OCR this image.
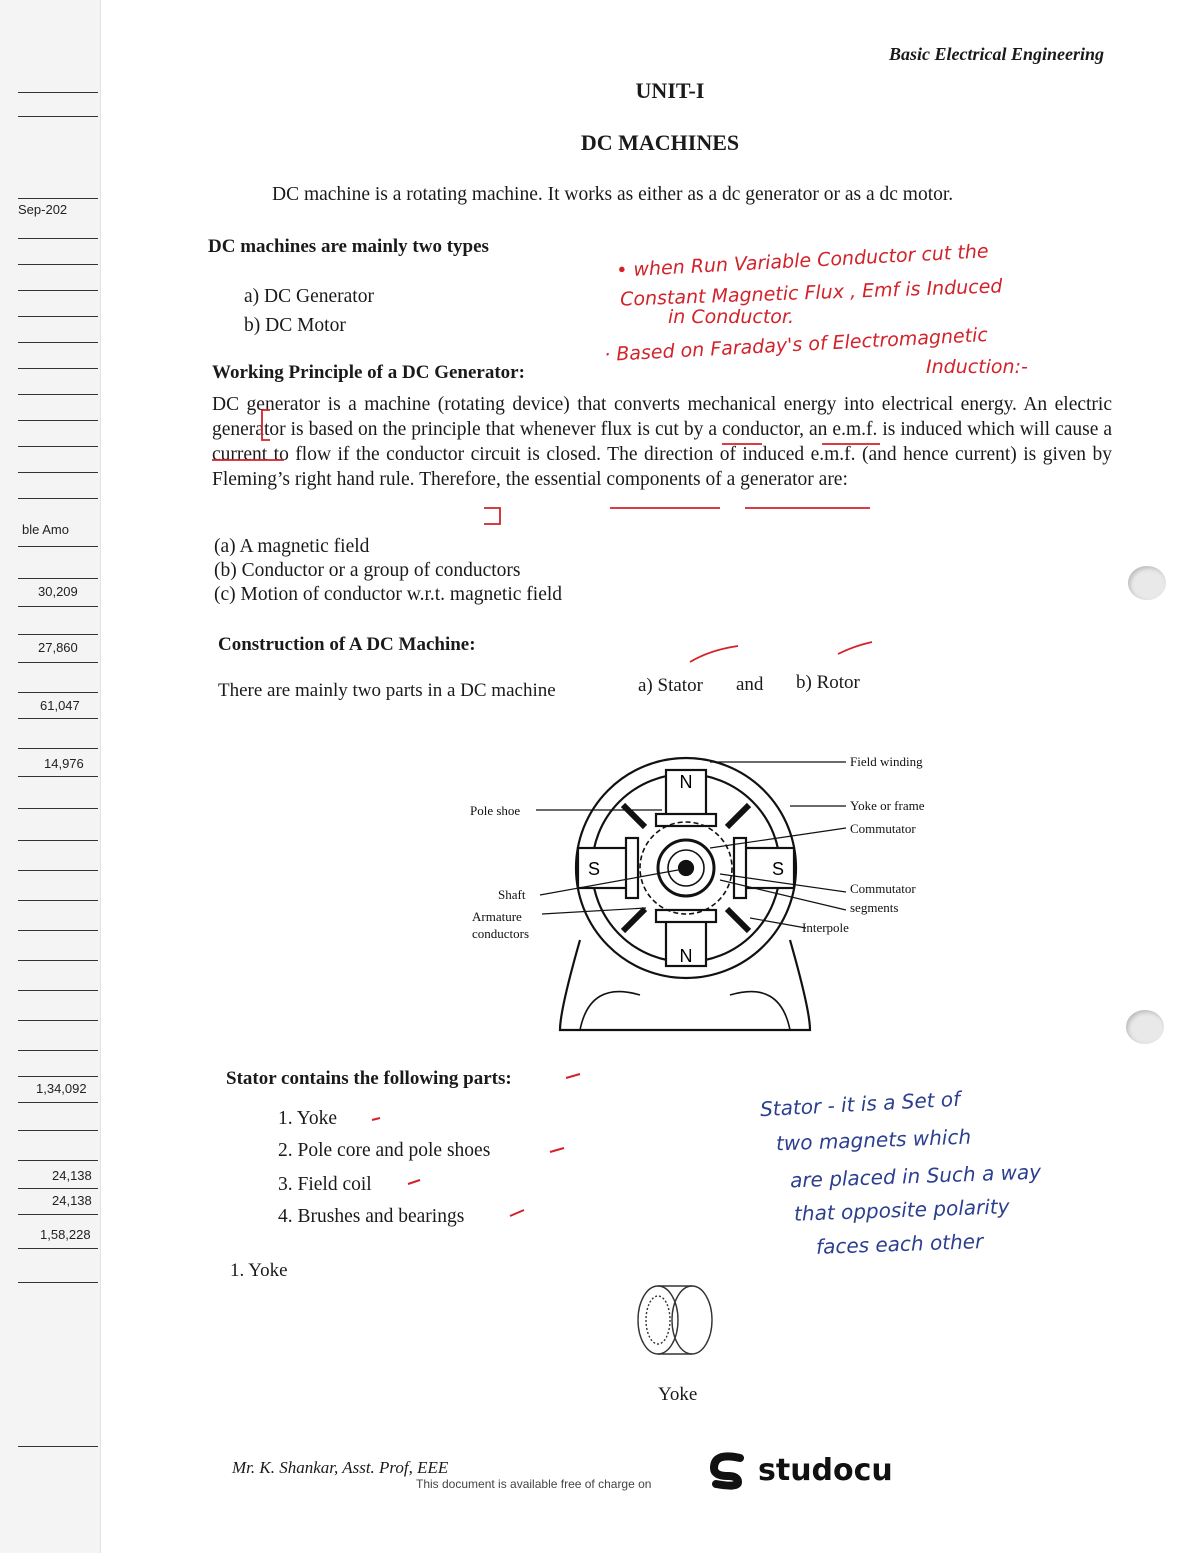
Sep-202
ble Amo
30,209
27,860
61,047
14,976
1,34,092
24,138
24,138
1,58,228
Basic Electrical Engineering
UNIT-I
DC MACHINES
DC machine is a rotating machine. It works as either as a dc generator or as a dc motor.
DC machines are mainly two types
a) DC Generator
b) DC Motor
Working Principle of a DC Generator:
• when Run Variable Conductor cut the
Constant Magnetic Flux , Emf is Induced
in Conductor.
· Based on Faraday's of Electromagnetic
Induction:-
DC generator is a machine (rotating device) that converts mechanical energy into electrical energy. An electric generator is based on the principle that whenever flux is cut by a conductor, an e.m.f. is induced which will cause a current to flow if the conductor circuit is closed. The direction of induced e.m.f. (and hence current) is given by Fleming’s right hand rule. Therefore, the essential components of a generator are:
(a) A magnetic field
(b) Conductor or a group of conductors
(c) Motion of conductor w.r.t. magnetic field
Construction of A DC Machine:
There are mainly two parts in a DC machine	a) Stator and b) Rotor
N
N
S	S
Field winding
Yoke or frame
Commutator
Pole shoe
Shaft
Armature
conductors
Commutator
segments
Interpole
Stator contains the following parts:
1. Yoke
2. Pole core and pole shoes
3. Field coil
4. Brushes and bearings
Stator - it is a Set of
two magnets which
are placed in Such a way
that opposite polarity
faces each other
1. Yoke
Yoke
Mr. K. Shankar, Asst. Prof, EEE
This document is available free of charge on	studocu
